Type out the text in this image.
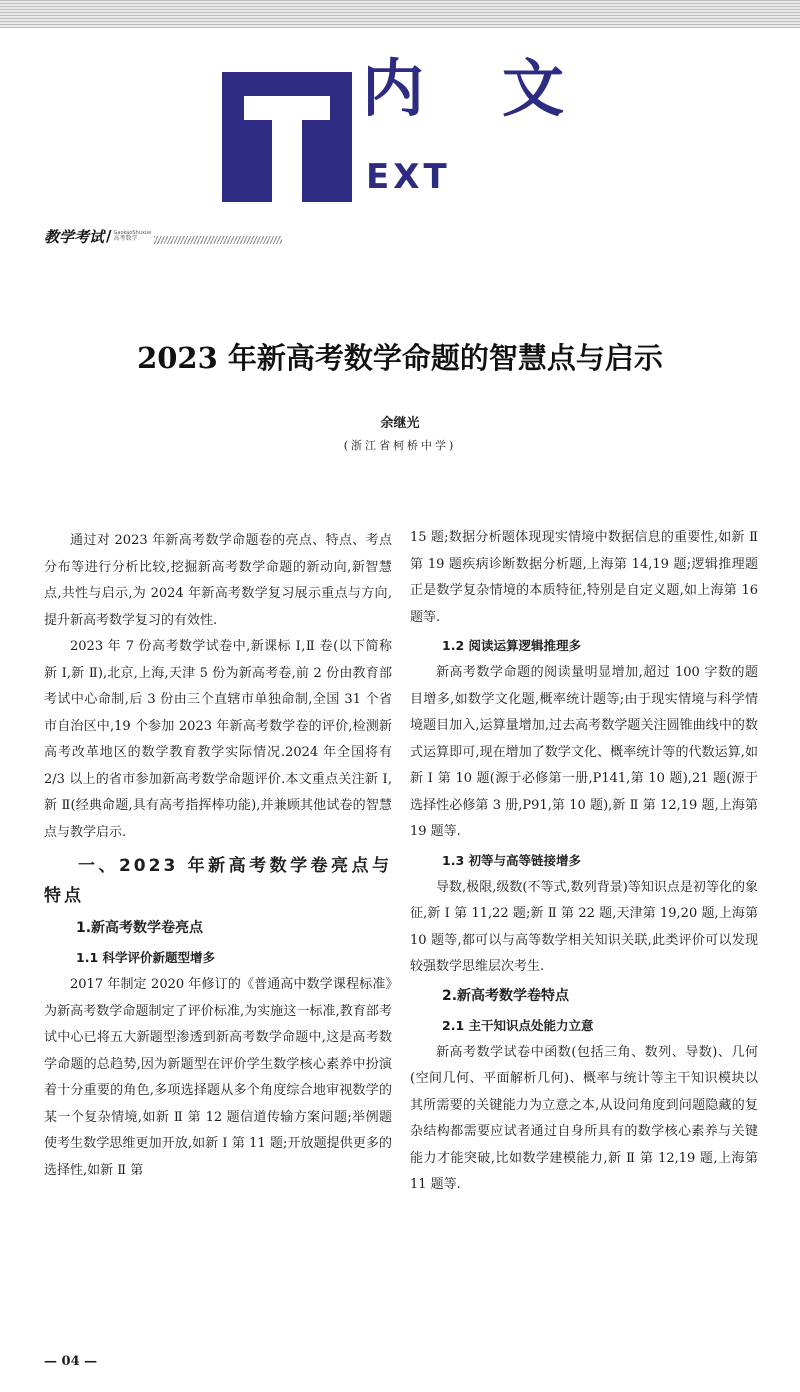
内文
EXT
教学考试 / GaokaoShuxue
高考数学
2023 年新高考数学命题的智慧点与启示
余继光
(浙江省柯桥中学)

通过对 2023 年新高考数学命题卷的亮点、特点、考点分布等进行分析比较,挖掘新高考数学命题的新动向,新智慧点,共性与启示,为 2024 年新高考数学复习展示重点与方向,提升新高考数学复习的有效性.

2023 年 7 份高考数学试卷中,新课标 Ⅰ,Ⅱ 卷(以下简称新 Ⅰ,新 Ⅱ),北京,上海,天津 5 份为新高考卷,前 2 份由教育部考试中心命制,后 3 份由三个直辖市单独命制,全国 31 个省市自治区中,19 个参加 2023 年新高考数学卷的评价,检测新高考改革地区的数学教育教学实际情况.2024 年全国将有 2/3 以上的省市参加新高考数学命题评价.本文重点关注新 Ⅰ,新 Ⅱ(经典命题,具有高考指挥棒功能),并兼顾其他试卷的智慧点与教学启示.

一、2023 年新高考数学卷亮点与特点
1.新高考数学卷亮点
1.1 科学评价新题型增多

2017 年制定 2020 年修订的《普通高中数学课程标准》为新高考数学命题制定了评价标准,为实施这一标准,教育部考试中心已将五大新题型渗透到新高考数学命题中,这是高考数学命题的总趋势,因为新题型在评价学生数学核心素养中扮演着十分重要的角色,多项选择题从多个角度综合地审视数学的某一个复杂情境,如新 Ⅱ 第 12 题信道传输方案问题;举例题使考生数学思维更加开放,如新 Ⅰ 第 11 题;开放题提供更多的选择性,如新 Ⅱ 第

15 题;数据分析题体现现实情境中数据信息的重要性,如新 Ⅱ 第 19 题疾病诊断数据分析题,上海第 14,19 题;逻辑推理题正是数学复杂情境的本质特征,特别是自定义题,如上海第 16 题等.

1.2 阅读运算逻辑推理多

新高考数学命题的阅读量明显增加,超过 100 字数的题目增多,如数学文化题,概率统计题等;由于现实情境与科学情境题目加入,运算量增加,过去高考数学题关注圆锥曲线中的数式运算即可,现在增加了数学文化、概率统计等的代数运算,如新 Ⅰ 第 10 题(源于必修第一册,P141,第 10 题),21 题(源于选择性必修第 3 册,P91,第 10 题),新 Ⅱ 第 12,19 题,上海第 19 题等.

1.3 初等与高等链接增多

导数,极限,级数(不等式,数列背景)等知识点是初等化的象征,新 Ⅰ 第 11,22 题;新 Ⅱ 第 22 题,天津第 19,20 题,上海第 10 题等,都可以与高等数学相关知识关联,此类评价可以发现较强数学思维层次考生.

2.新高考数学卷特点
2.1 主干知识点处能力立意

新高考数学试卷中函数(包括三角、数列、导数)、几何(空间几何、平面解析几何)、概率与统计等主干知识模块以其所需要的关键能力为立意之本,从设问角度到问题隐藏的复杂结构都需要应试者通过自身所具有的数学核心素养与关键能力才能突破,比如数学建模能力,新 Ⅱ 第 12,19 题,上海第 11 题等.

— 04 —
